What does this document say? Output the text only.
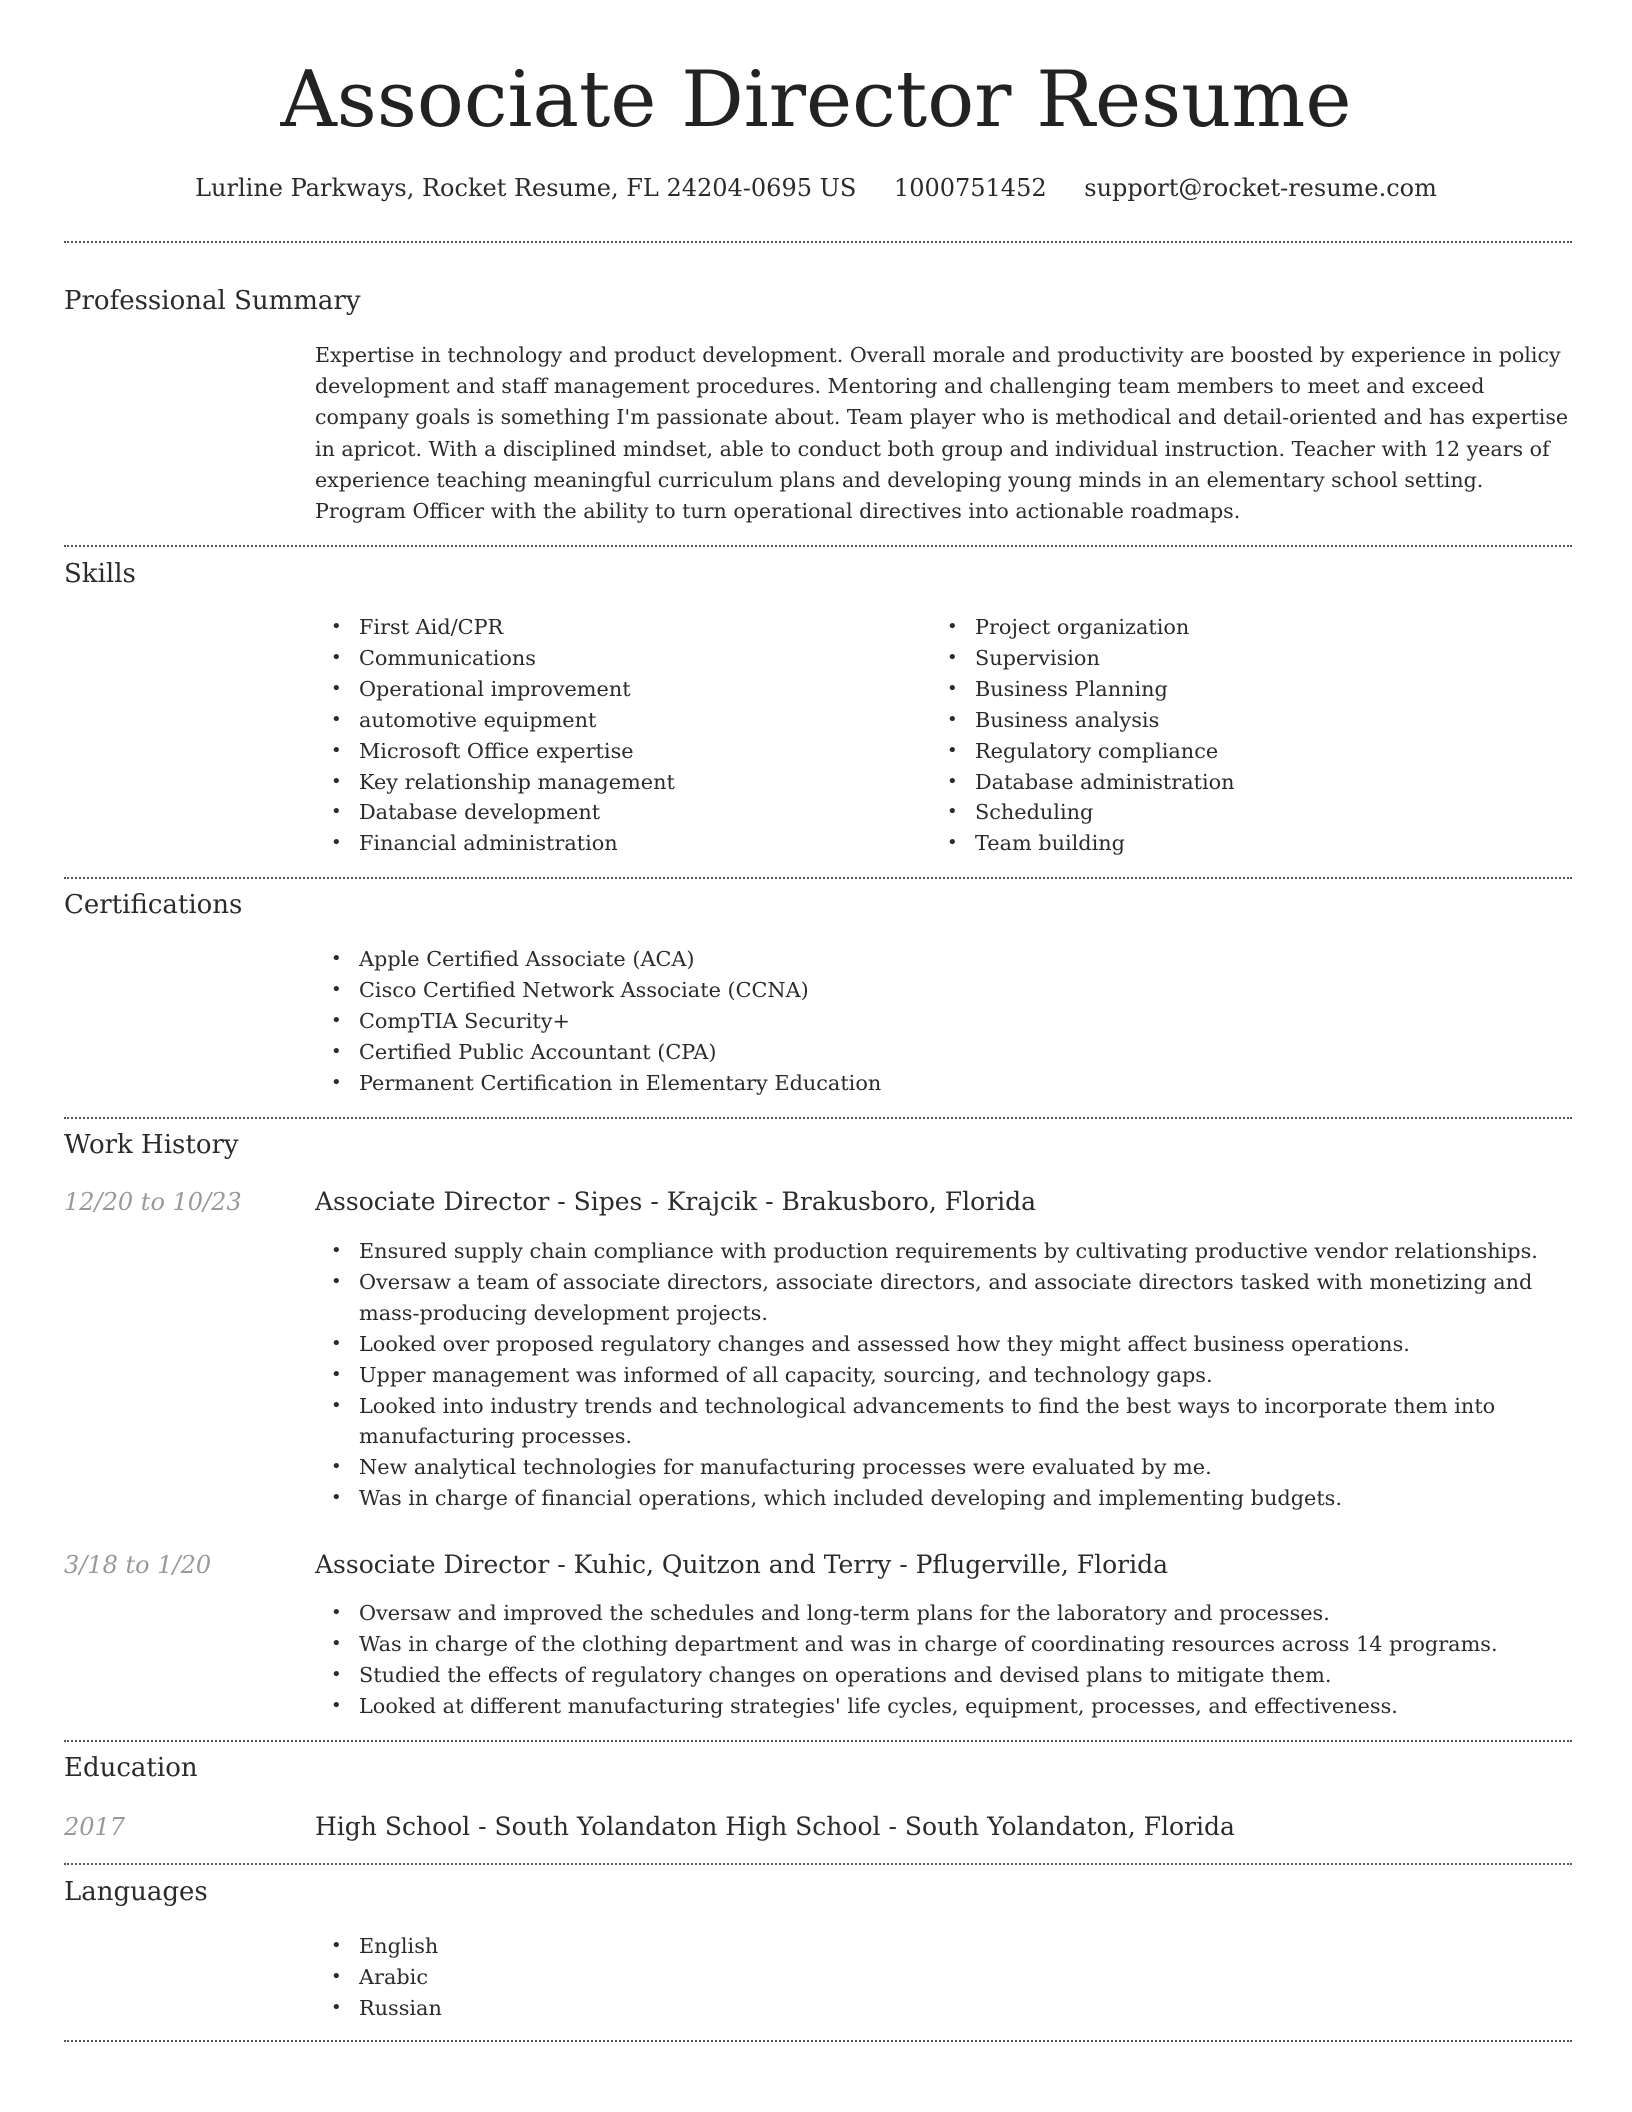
Associate Director Resume
Lurline Parkways, Rocket Resume, FL 24204-0695 US 1000751452 support@rocket-resume.com
Professional Summary

Expertise in technology and product development. Overall morale and productivity are boosted by experience in policy development and staff management procedures. Mentoring and challenging team members to meet and exceed company goals is something I'm passionate about. Team player who is methodical and detail-oriented and has expertise in apricot. With a disciplined mindset, able to conduct both group and individual instruction. Teacher with 12 years of experience teaching meaningful curriculum plans and developing young minds in an elementary school setting. Program Officer with the ability to turn operational directives into actionable roadmaps.

Skills
• First Aid/CPR
• Communications
• Operational improvement
• automotive equipment
• Microsoft Office expertise
• Key relationship management
• Database development
• Financial administration
• Project organization
• Supervision
• Business Planning
• Business analysis
• Regulatory compliance
• Database administration
• Scheduling
• Team building
Certifications
• Apple Certified Associate (ACA)
• Cisco Certified Network Associate (CCNA)
• CompTIA Security+
• Certified Public Accountant (CPA)
• Permanent Certification in Elementary Education
Work History
12/20 to 10/23	Associate Director - Sipes - Krajcik - Brakusboro, Florida
• Ensured supply chain compliance with production requirements by cultivating productive vendor relationships.
• Oversaw a team of associate directors, associate directors, and associate directors tasked with monetizing and mass-producing development projects.
• Looked over proposed regulatory changes and assessed how they might affect business operations.
• Upper management was informed of all capacity, sourcing, and technology gaps.
• Looked into industry trends and technological advancements to find the best ways to incorporate them into manufacturing processes.
• New analytical technologies for manufacturing processes were evaluated by me.
• Was in charge of financial operations, which included developing and implementing budgets.
3/18 to 1/20	Associate Director - Kuhic, Quitzon and Terry - Pflugerville, Florida
• Oversaw and improved the schedules and long-term plans for the laboratory and processes.
• Was in charge of the clothing department and was in charge of coordinating resources across 14 programs.
• Studied the effects of regulatory changes on operations and devised plans to mitigate them.
• Looked at different manufacturing strategies' life cycles, equipment, processes, and effectiveness.
Education
2017	High School - South Yolandaton High School - South Yolandaton, Florida
Languages
• English
• Arabic
• Russian
